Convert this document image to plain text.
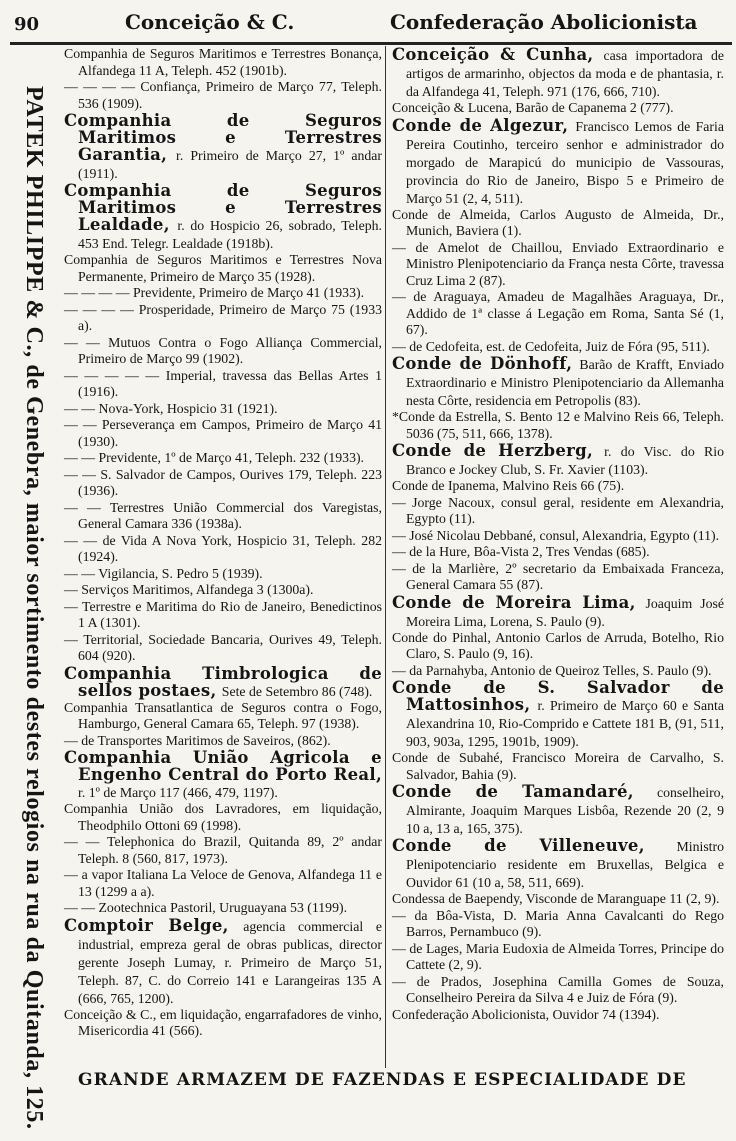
90	Conceição & C.	Confederação Abolicionista
PATEK PHILIPPE & C., de Genebra, maior sortimento destes relogios na rua da Quitanda, 125.

Companhia de Seguros Maritimos e Terrestres Bonança, Alfandega 11 A, Teleph. 452 (1901b).

— — — — Confiança, Primeiro de Março 77, Teleph. 536 (1909).

Companhia de Seguros Maritimos e Terrestres Garantia, r. Primeiro de Março 27, 1º andar (1911).

Companhia de Seguros Maritimos e Terrestres Lealdade, r. do Hospicio 26, sobrado, Teleph. 453 End. Telegr. Lealdade (1918b).

Companhia de Seguros Maritimos e Terrestres Nova Permanente, Primeiro de Março 35 (1928).

— — — — Previdente, Primeiro de Março 41 (1933).

— — — — Prosperidade, Primeiro de Março 75 (1933 a).

— — Mutuos Contra o Fogo Alliança Commercial, Primeiro de Março 99 (1902).

— — — — — Imperial, travessa das Bellas Artes 1 (1916).

— — Nova-York, Hospicio 31 (1921).

— — Perseverança em Campos, Primeiro de Março 41 (1930).

— — Previdente, 1º de Março 41, Teleph. 232 (1933).

— — S. Salvador de Campos, Ourives 179, Teleph. 223 (1936).

— — Terrestres União Commercial dos Varegistas, General Camara 336 (1938a).

— — de Vida A Nova York, Hospicio 31, Teleph. 282 (1924).

— — Vigilancia, S. Pedro 5 (1939).

— Serviços Maritimos, Alfandega 3 (1300a).

— Terrestre e Maritima do Rio de Janeiro, Benedictinos 1 A (1301).

— Territorial, Sociedade Bancaria, Ourives 49, Teleph. 604 (920).

Companhia Timbrologica de sellos postaes, Sete de Setembro 86 (748).

Companhia Transatlantica de Seguros contra o Fogo, Hamburgo, General Camara 65, Teleph. 97 (1938).

— de Transportes Maritimos de Saveiros, (862).

Companhia União Agricola e Engenho Central do Porto Real, r. 1º de Março 117 (466, 479, 1197).

Companhia União dos Lavradores, em liquidação, Theodphilo Ottoni 69 (1998).

— — Telephonica do Brazil, Quitanda 89, 2º andar Teleph. 8 (560, 817, 1973).

— a vapor Italiana La Veloce de Genova, Alfandega 11 e 13 (1299 a a).

— — Zootechnica Pastoril, Uruguayana 53 (1199).

Comptoir Belge, agencia commercial e industrial, empreza geral de obras publicas, director gerente Joseph Lumay, r. Primeiro de Março 51, Teleph. 87, C. do Correio 141 e Larangeiras 135 A (666, 765, 1200).

Conceição & C., em liquidação, engarrafadores de vinho, Misericordia 41 (566).

Conceição & Cunha, casa importadora de artigos de armarinho, objectos da moda e de phantasia, r. da Alfandega 41, Teleph. 971 (176, 666, 710).

Conceição & Lucena, Barão de Capanema 2 (777).

Conde de Algezur, Francisco Lemos de Faria Pereira Coutinho, terceiro senhor e administrador do morgado de Marapicú do municipio de Vassouras, provincia do Rio de Janeiro, Bispo 5 e Primeiro de Março 51 (2, 4, 511).

Conde de Almeida, Carlos Augusto de Almeida, Dr., Munich, Baviera (1).

— de Amelot de Chaillou, Enviado Extraordinario e Ministro Plenipotenciario da França nesta Côrte, travessa Cruz Lima 2 (87).

— de Araguaya, Amadeu de Magalhães Araguaya, Dr., Addido de 1ª classe á Legação em Roma, Santa Sé (1, 67).

— de Cedofeita, est. de Cedofeita, Juiz de Fóra (95, 511).

Conde de Dönhoff, Barão de Krafft, Enviado Extraordinario e Ministro Plenipotenciario da Allemanha nesta Côrte, residencia em Petropolis (83).

*Conde da Estrella, S. Bento 12 e Malvino Reis 66, Teleph. 5036 (75, 511, 666, 1378).

Conde de Herzberg, r. do Visc. do Rio Branco e Jockey Club, S. Fr. Xavier (1103).

Conde de Ipanema, Malvino Reis 66 (75).

— Jorge Nacoux, consul geral, residente em Alexandria, Egypto (11).

— José Nicolau Debbané, consul, Alexandria, Egypto (11).

— de la Hure, Bôa-Vista 2, Tres Vendas (685).

— de la Marlière, 2º secretario da Embaixada Franceza, General Camara 55 (87).

Conde de Moreira Lima, Joaquim José Moreira Lima, Lorena, S. Paulo (9).

Conde do Pinhal, Antonio Carlos de Arruda, Botelho, Rio Claro, S. Paulo (9, 16).

— da Parnahyba, Antonio de Queiroz Telles, S. Paulo (9).

Conde de S. Salvador de Mattosinhos, r. Primeiro de Março 60 e Santa Alexandrina 10, Rio-Comprido e Cattete 181 B, (91, 511, 903, 903a, 1295, 1901b, 1909).

Conde de Subahé, Francisco Moreira de Carvalho, S. Salvador, Bahia (9).

Conde de Tamandaré, conselheiro, Almirante, Joaquim Marques Lisbôa, Rezende 20 (2, 9 10 a, 13 a, 165, 375).

Conde de Villeneuve, Ministro Plenipotenciario residente em Bruxellas, Belgica e Ouvidor 61 (10 a, 58, 511, 669).

Condessa de Baependy, Visconde de Maranguape 11 (2, 9).

— da Bôa-Vista, D. Maria Anna Cavalcanti do Rego Barros, Pernambuco (9).

— de Lages, Maria Eudoxia de Almeida Torres, Principe do Cattete (2, 9).

— de Prados, Josephina Camilla Gomes de Souza, Conselheiro Pereira da Silva 4 e Juiz de Fóra (9).

Confederação Abolicionista, Ouvidor 74 (1394).

GRANDE ARMAZEM DE FAZENDAS E ESPECIALIDADE DE
